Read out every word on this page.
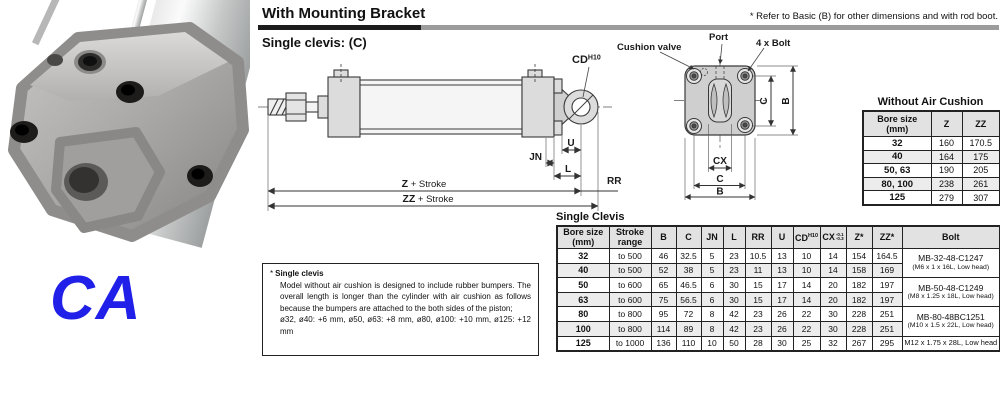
CA
With Mounting Bracket	* Refer to Basic (B) for other dimensions and with rod boot.
Single clevis: (C)
$CD^{H10}$
U
JN
L
Z + Stroke	RR
ZZ + Stroke
Cushion valve
Port
4 x Bolt
C B
CX
C
B
Without Air Cushion
Bore size
(mm)	Z	ZZ
32	160	170.5
40	164	175
50, 63	190	205
80, 100	238	261
125	279	307
Single Clevis
Bore size
(mm)	Stroke
range	B	C	JN	L	RR	U	$CD^{H10}$	CX -0.1
-0.3	Z*	ZZ*	Bolt
32	to 500	46	32.5	5	23	10.5	13	10	14	154	164.5	MB-32-48-C1247
(M6 x 1 x 16L, Low head)

40	to 500	52	38	5	23	11	13	10	14	158	169	
50	to 600	65	46.5	6	30	15	17	14	20	182	197	MB-50-48-C1249
(M8 x 1.25 x 18L, Low head)

63	to 600	75	56.5	6	30	15	17	14	20	182	197	
80	to 800	95	72	8	42	23	26	22	30	228	251	MB-80-48BC1251
(M10 x 1.5 x 22L, Low head)

100	to 800	114	89	8	42	23	26	22	30	228	251	
125	to 1000	136	110	10	50	28	30	25	32	267	295	M12 x 1.75 x 28L, Low head
* Single clevis
Model without air cushion is designed to include rubber bumpers. The overall length is longer than the cylinder with air cushion as follows because the bumpers are attached to the both sides of the piston;
ø32, ø40: +6 mm, ø50, ø63: +8 mm, ø80, ø100: +10 mm, ø125: +12 mm
